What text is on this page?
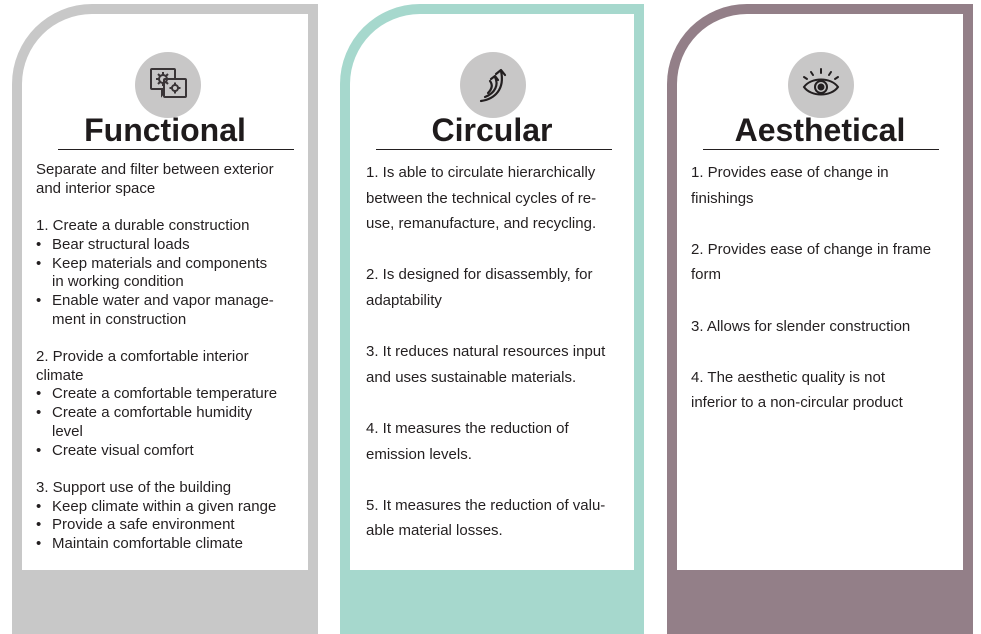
Functional

Separate and filter between exterior
and interior space

1. Create a durable construction

• Bear structural loads
• Keep materials and components
in working condition
• Enable water and vapor manage-
ment in construction

2. Provide a comfortable interior
climate

• Create a comfortable temperature
• Create a comfortable humidity
level
• Create visual comfort

3. Support use of the building

• Keep climate within a given range
• Provide a safe environment
• Maintain comfortable climate
Circular

1. Is able to circulate hierarchically
between the technical cycles of re-
use, remanufacture, and recycling.

2. Is designed for disassembly, for
adaptability

3. It reduces natural resources input
and uses sustainable materials.

4. It measures the reduction of
emission levels.

5. It measures the reduction of valu-
able material losses.

Aesthetical

1. Provides ease of change in
finishings

2. Provides ease of change in frame
form

3. Allows for slender construction

4. The aesthetic quality is not
inferior to a non-circular product
